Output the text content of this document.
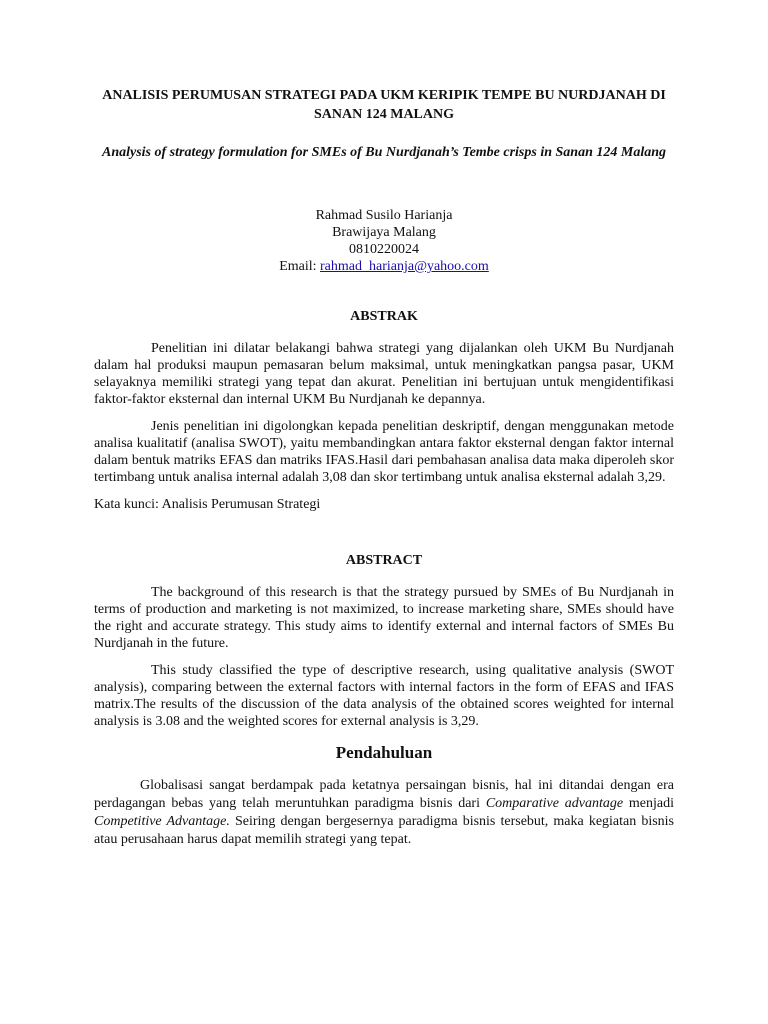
ANALISIS PERUMUSAN STRATEGI PADA UKM KERIPIK TEMPE BU NURDJANAH DI SANAN 124 MALANG
Analysis of strategy formulation for SMEs of Bu Nurdjanah’s Tembe crisps in Sanan 124 Malang
Rahmad Susilo Harianja
Brawijaya Malang
0810220024
Email: rahmad_harianja@yahoo.com
ABSTRAK

Penelitian ini dilatar belakangi bahwa strategi yang dijalankan oleh UKM Bu Nurdjanah dalam hal produksi maupun pemasaran belum maksimal, untuk meningkatkan pangsa pasar, UKM selayaknya memiliki strategi yang tepat dan akurat. Penelitian ini bertujuan untuk mengidentifikasi faktor-faktor eksternal dan internal UKM Bu Nurdjanah ke depannya.

Jenis penelitian ini digolongkan kepada penelitian deskriptif, dengan menggunakan metode analisa kualitatif (analisa SWOT), yaitu membandingkan antara faktor eksternal dengan faktor internal dalam bentuk matriks EFAS dan matriks IFAS.Hasil dari pembahasan analisa data maka diperoleh skor tertimbang untuk analisa internal adalah 3,08 dan skor tertimbang untuk analisa eksternal adalah 3,29.

Kata kunci: Analisis Perumusan Strategi

ABSTRACT

The background of this research is that the strategy pursued by SMEs of Bu Nurdjanah in terms of production and marketing is not maximized, to increase marketing share, SMEs should have the right and accurate strategy. This study aims to identify external and internal factors of SMEs Bu Nurdjanah in the future.

This study classified the type of descriptive research, using qualitative analysis (SWOT analysis), comparing between the external factors with internal factors in the form of EFAS and IFAS matrix.The results of the discussion of the data analysis of the obtained scores weighted for internal analysis is 3.08 and the weighted scores for external analysis is 3,29.

Pendahuluan

Globalisasi sangat berdampak pada ketatnya persaingan bisnis, hal ini ditandai dengan era perdagangan bebas yang telah meruntuhkan paradigma bisnis dari Comparative advantage menjadi Competitive Advantage. Seiring dengan bergesernya paradigma bisnis tersebut, maka kegiatan bisnis atau perusahaan harus dapat memilih strategi yang tepat.
